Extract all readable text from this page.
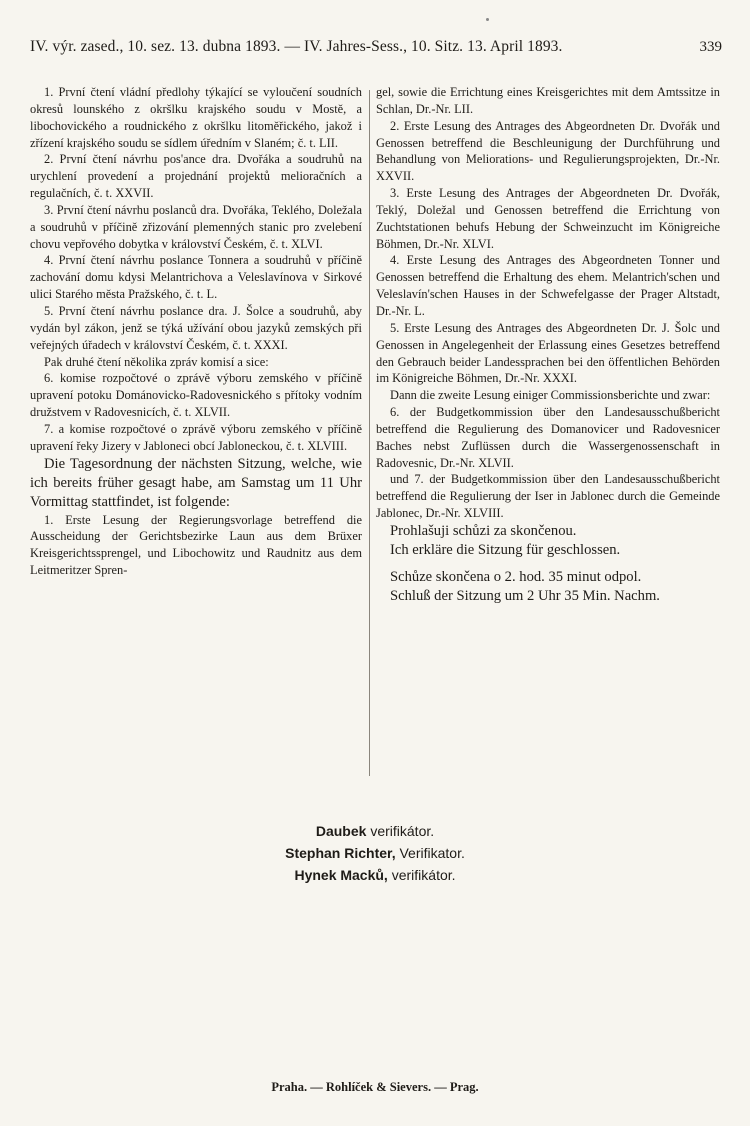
IV. výr. zased., 10. sez. 13. dubna 1893. — IV. Jahres-Sess., 10. Sitz. 13. April 1893.	339

1. První čtení vládní předlohy týkající se vyloučení soudních okresů lounského z okršlku krajského soudu v Mostě, a libochovického a roudnického z okršlku litoměřického, jakož i zřízení krajského soudu se sídlem úředním v Slaném; č. t. LII.

2. První čtení návrhu pos'ance dra. Dvořáka a soudruhů na urychlení provedení a projednání projektů melioračních a regulačních, č. t. XXVII.

3. První čtení návrhu poslanců dra. Dvořáka, Teklého, Doležala a soudruhů v příčině zřizování plemenných stanic pro zvelebení chovu vepřového dobytka v království Českém, č. t. XLVI.

4. První čtení návrhu poslance Tonnera a soudruhů v příčině zachování domu kdysi Melantrichova a Veleslavínova v Sirkové ulici Starého města Pražského, č. t. L.

5. První čtení návrhu poslance dra. J. Šolce a soudruhů, aby vydán byl zákon, jenž se týká užívání obou jazyků zemských při veřejných úřadech v království Českém, č. t. XXXI.

Pak druhé čtení několika zpráv komisí a sice:

6. komise rozpočtové o zprávě výboru zemského v příčině upravení potoku Dománovicko-Radovesnického s přítoky vodním družstvem v Radovesnicích, č. t. XLVII.

7. a komise rozpočtové o zprávě výboru zemského v příčině upravení řeky Jizery v Jabloneci obcí Jabloneckou, č. t. XLVIII.

Die Tagesordnung der nächsten Sitzung, welche, wie ich bereits früher gesagt habe, am Samstag um 11 Uhr Vormittag stattfindet, ist folgende:

1. Erste Lesung der Regierungsvorlage betreffend die Ausscheidung der Gerichtsbezirke Laun aus dem Brüxer Kreisgerichtssprengel, und Libochowitz und Raudnitz aus dem Leitmeritzer Spren-

gel, sowie die Errichtung eines Kreisgerichtes mit dem Amtssitze in Schlan, Dr.-Nr. LII.

2. Erste Lesung des Antrages des Abgeordneten Dr. Dvořák und Genossen betreffend die Beschleunigung der Durchführung und Behandlung von Meliorations- und Regulierungsprojekten, Dr.-Nr. XXVII.

3. Erste Lesung des Antrages der Abgeordneten Dr. Dvořák, Teklý, Doležal und Genossen betreffend die Errichtung von Zuchtstationen behufs Hebung der Schweinzucht im Königreiche Böhmen, Dr.-Nr. XLVI.

4. Erste Lesung des Antrages des Abgeordneten Tonner und Genossen betreffend die Erhaltung des ehem. Melantrich'schen und Veleslavín'schen Hauses in der Schwefelgasse der Prager Altstadt, Dr.-Nr. L.

5. Erste Lesung des Antrages des Abgeordneten Dr. J. Šolc und Genossen in Angelegenheit der Erlassung eines Gesetzes betreffend den Gebrauch beider Landessprachen bei den öffentlichen Behörden im Königreiche Böhmen, Dr.-Nr. XXXI.

Dann die zweite Lesung einiger Commissionsberichte und zwar:

6. der Budgetkommission über den Landesausschußbericht betreffend die Regulierung des Domanovicer und Radovesnicer Baches nebst Zuflüssen durch die Wassergenossenschaft in Radovesnic, Dr.-Nr. XLVII.

und 7. der Budgetkommission über den Landesausschußbericht betreffend die Regulierung der Iser in Jablonec durch die Gemeinde Jablonec, Dr.-Nr. XLVIII.

Prohlašuji schůzi za skončenou.

Ich erkläre die Sitzung für geschlossen.

Schůze skončena o 2. hod. 35 minut odpol.

Schluß der Sitzung um 2 Uhr 35 Min. Nachm.

Daubek verifikátor.
Stephan Richter, Verifikator.
Hynek Macků, verifikátor.
Praha. — Rohlíček & Sievers. — Prag.
